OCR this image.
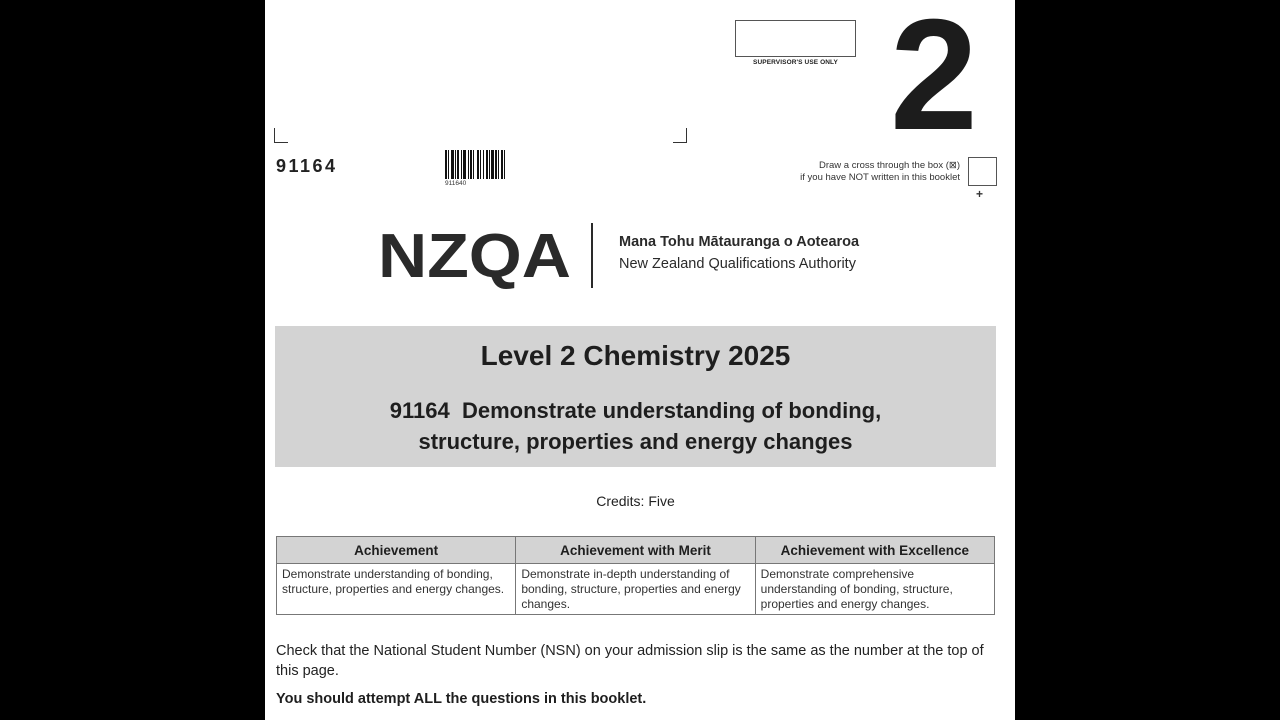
SUPERVISOR'S USE ONLY 2
91164
911640
Draw a cross through the box (⊠)
if you have NOT written in this booklet
+
NZQA	Mana Tohu Mātauranga o Aotearoa
New Zealand Qualifications Authority
Level 2 Chemistry 2025
91164  Demonstrate understanding of bonding,
structure, properties and energy changes
Credits: Five
Achievement	Achievement with Merit	Achievement with Excellence
Demonstrate understanding of bonding, structure, properties and energy changes.	Demonstrate in-depth understanding of bonding, structure, properties and energy changes.	Demonstrate comprehensive understanding of bonding, structure, properties and energy changes.
Check that the National Student Number (NSN) on your admission slip is the same as the number at the top of this page.
You should attempt ALL the questions in this booklet.
